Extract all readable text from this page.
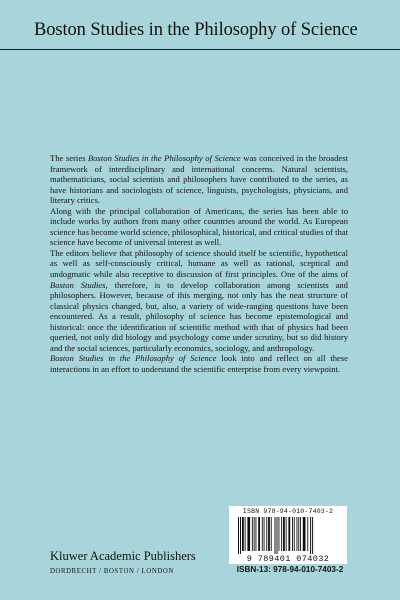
Boston Studies in the Philosophy of Science

The series Boston Studies in the Philosophy of Science was conceived in the broadest framework of interdisciplinary and international concerns. Natural scientists, mathematicians, social scientists and philosophers have contributed to the series, as have historians and sociologists of science, linguists, psychologists, physicians, and literary critics.

Along with the principal collaboration of Americans, the series has been able to include works by authors from many other countries around the world. As European science has become world science, philosophical, historical, and critical studies of that science have become of universal interest as well.

The editors believe that philosophy of science should itself be scientific, hypothetical as well as self-consciously critical, humane as well as rational, sceptical and undogmatic while also receptive to discussion of first principles. One of the aims of Boston Studies, therefore, is to develop collaboration among scientists and philosophers. However, because of this merging, not only has the neat structure of classical physics changed, but, also, a variety of wide-ranging questions have been encountered. As a result, philosophy of science has become epistemological and historical: once the identification of scientific method with that of physics had been queried, not only did biology and psychology come under scrutiny, but so did history and the social sciences, particularly economics, sociology, and anthropology.

Boston Studies in the Philosophy of Science look into and reflect on all these interactions in an effort to understand the scientific enterprise from every viewpoint.

ISBN 978-94-010-7403-2
9 789401 074032
Kluwer Academic Publishers
DORDRECHT / BOSTON / LONDON	ISBN-13: 978-94-010-7403-2
